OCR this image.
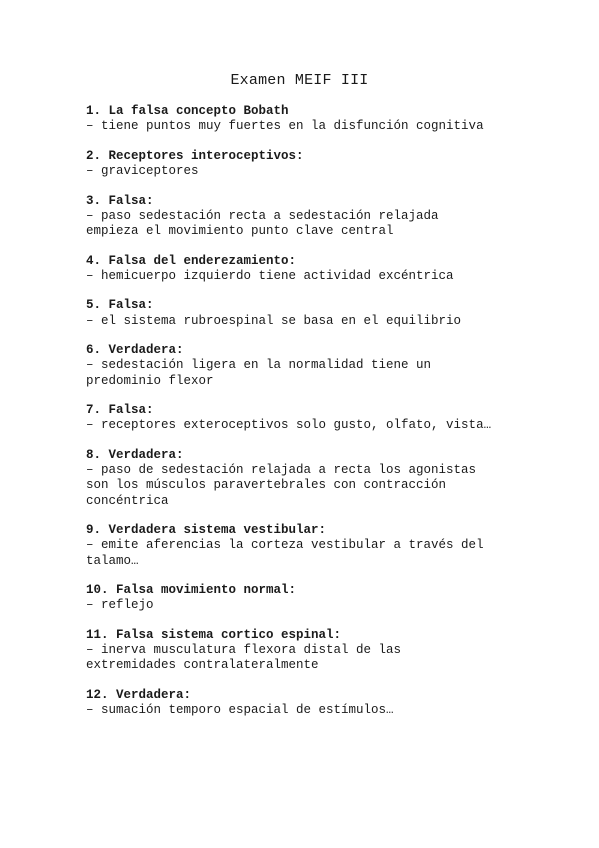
Examen MEIF III
1. La falsa concepto Bobath
– tiene puntos muy fuertes en la disfunción cognitiva
2. Receptores interoceptivos:
– graviceptores
3. Falsa:
– paso sedestación recta a sedestación relajada
empieza el movimiento punto clave central
4. Falsa del enderezamiento:
– hemicuerpo izquierdo tiene actividad excéntrica
5. Falsa:
– el sistema rubroespinal se basa en el equilibrio
6. Verdadera:
– sedestación ligera en la normalidad tiene un
predominio flexor
7. Falsa:
– receptores exteroceptivos solo gusto, olfato, vista…
8. Verdadera:
– paso de sedestación relajada a recta los agonistas
son los músculos paravertebrales con contracción
concéntrica
9. Verdadera sistema vestibular:
– emite aferencias la corteza vestibular a través del
talamo…
10. Falsa movimiento normal:
– reflejo
11. Falsa sistema cortico espinal:
– inerva musculatura flexora distal de las
extremidades contralateralmente
12. Verdadera:
– sumación temporo espacial de estímulos…
